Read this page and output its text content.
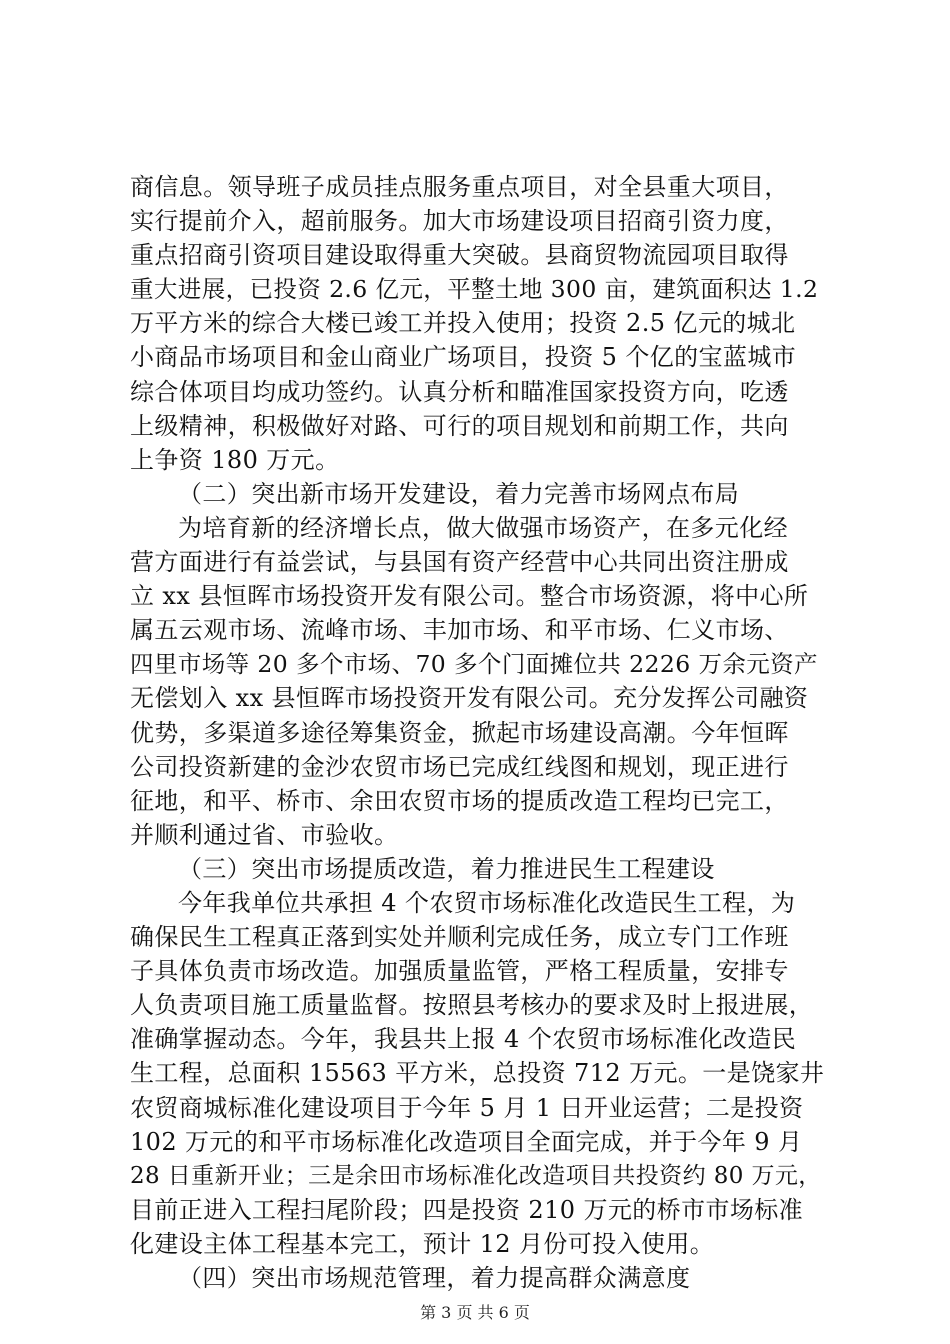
商信息。领导班子成员挂点服务重点项目，对全县重大项目，
实行提前介入，超前服务。加大市场建设项目招商引资力度，
重点招商引资项目建设取得重大突破。县商贸物流园项目取得
重大进展，已投资 2.6 亿元，平整土地 300 亩，建筑面积达 1.2
万平方米的综合大楼已竣工并投入使用；投资 2.5 亿元的城北
小商品市场项目和金山商业广场项目，投资 5 个亿的宝蓝城市
综合体项目均成功签约。认真分析和瞄准国家投资方向，吃透
上级精神，积极做好对路、可行的项目规划和前期工作，共向
上争资 180 万元。
（二）突出新市场开发建设，着力完善市场网点布局
为培育新的经济增长点，做大做强市场资产，在多元化经
营方面进行有益尝试，与县国有资产经营中心共同出资注册成
立 xx 县恒晖市场投资开发有限公司。整合市场资源，将中心所
属五云观市场、流峰市场、丰加市场、和平市场、仁义市场、
四里市场等 20 多个市场、70 多个门面摊位共 2226 万余元资产
无偿划入 xx 县恒晖市场投资开发有限公司。充分发挥公司融资
优势，多渠道多途径筹集资金，掀起市场建设高潮。今年恒晖
公司投资新建的金沙农贸市场已完成红线图和规划，现正进行
征地，和平、桥市、余田农贸市场的提质改造工程均已完工，
并顺利通过省、市验收。
（三）突出市场提质改造，着力推进民生工程建设
今年我单位共承担 4 个农贸市场标准化改造民生工程，为
确保民生工程真正落到实处并顺利完成任务，成立专门工作班
子具体负责市场改造。加强质量监管，严格工程质量，安排专
人负责项目施工质量监督。按照县考核办的要求及时上报进展，
准确掌握动态。今年，我县共上报 4 个农贸市场标准化改造民
生工程，总面积 15563 平方米，总投资 712 万元。一是饶家井
农贸商城标准化建设项目于今年 5 月 1 日开业运营；二是投资
102 万元的和平市场标准化改造项目全面完成，并于今年 9 月
28 日重新开业；三是余田市场标准化改造项目共投资约 80 万元，
目前正进入工程扫尾阶段；四是投资 210 万元的桥市市场标准
化建设主体工程基本完工，预计 12 月份可投入使用。
（四）突出市场规范管理，着力提高群众满意度
第 3 页 共 6 页
